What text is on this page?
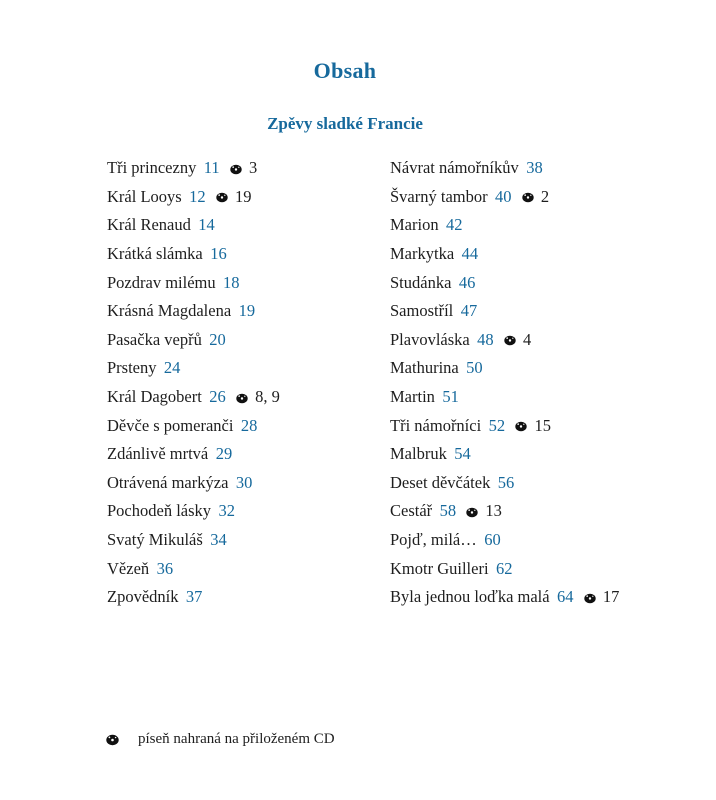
Obsah
Zpěvy sladké Francie
Tři princezny 11 3
Král Looys 12 19
Král Renaud 14
Krátká slámka 16
Pozdrav milému 18
Krásná Magdalena 19
Pasačka vepřů 20
Prsteny 24
Král Dagobert 26 8, 9
Děvče s pomeranči 28
Zdánlivě mrtvá 29
Otrávená markýza 30
Pochodeň lásky 32
Svatý Mikuláš 34
Vězeň 36
Zpovědník 37
Návrat námořníkův 38
Švarný tambor 40 2
Marion 42
Markytka 44
Studánka 46
Samostříl 47
Plavovláska 48 4
Mathurina 50
Martin 51
Tři námořníci 52 15
Malbruk 54
Deset děvčátek 56
Cestář 58 13
Pojď, milá… 60
Kmotr Guilleri 62
Byla jednou loďka malá 64 17
píseň nahraná na přiloženém CD
